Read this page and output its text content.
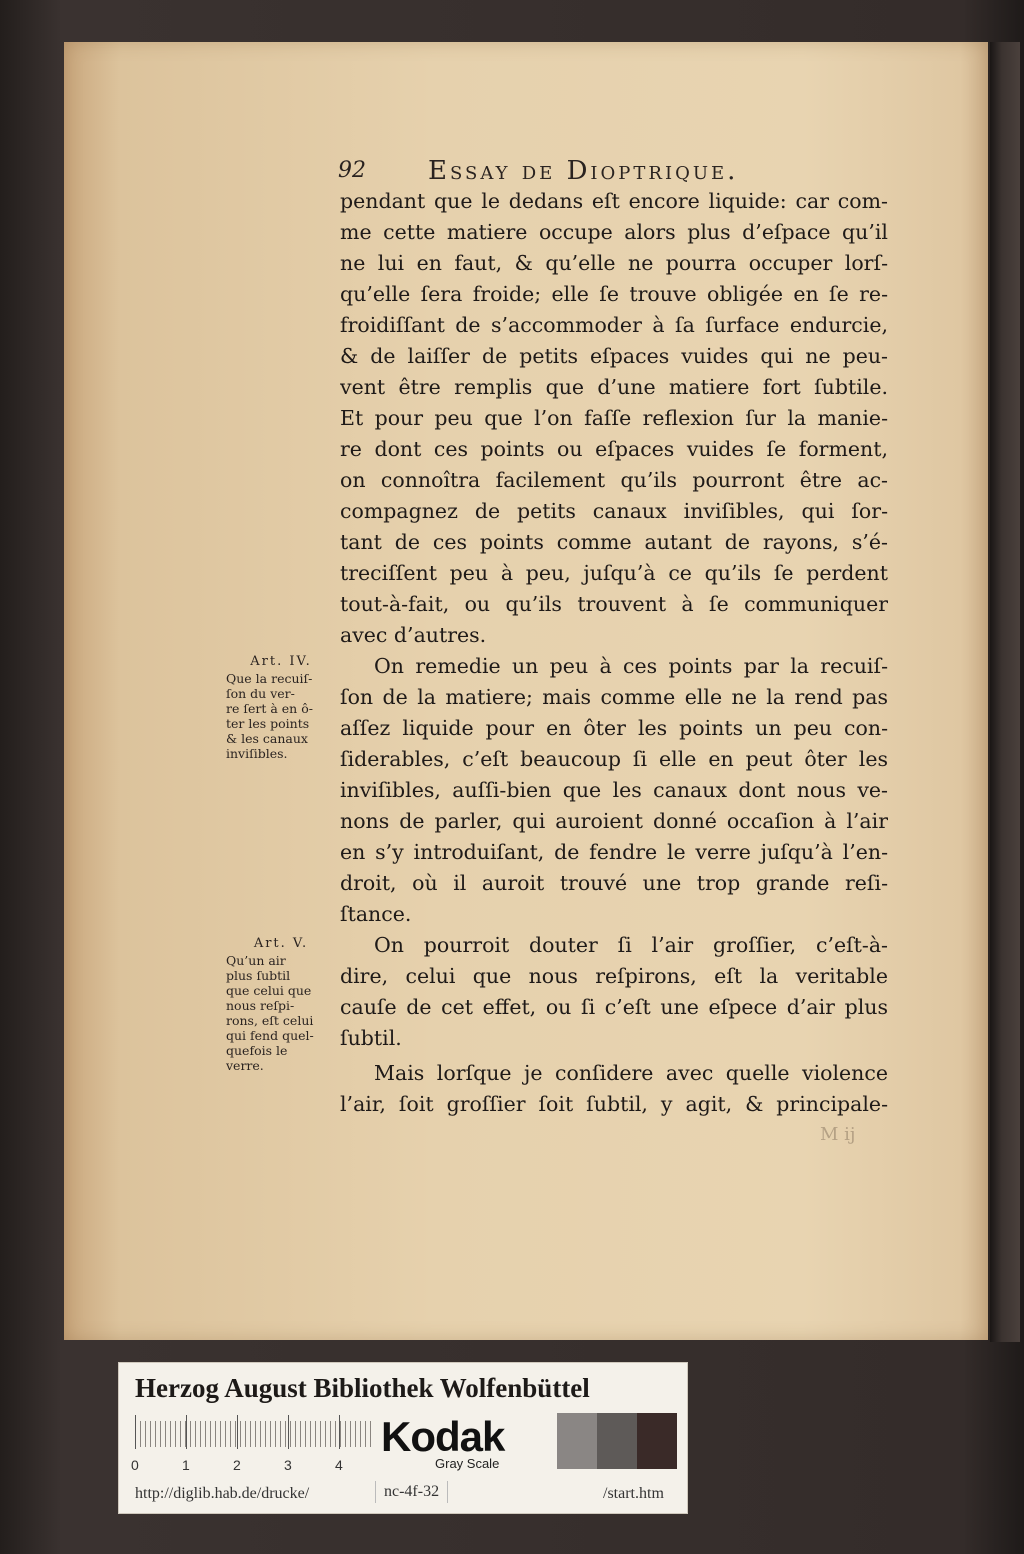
92 Essay de Dioptrique.
pendant que le dedans eſt encore liquide: car com-
me cette matiere occupe alors plus d’eſpace qu’il
ne lui en faut, & qu’elle ne pourra occuper lorſ-
qu’elle ſera froide; elle ſe trouve obligée en ſe re-
froidiſſant de s’accommoder à ſa ſurface endurcie,
& de laiſſer de petits eſpaces vuides qui ne peu-
vent être remplis que d’une matiere fort ſubtile.
Et pour peu que l’on faſſe reflexion ſur la manie-
re dont ces points ou eſpaces vuides ſe forment,
on connoîtra facilement qu’ils pourront être ac-
compagnez de petits canaux inviſibles, qui ſor-
tant de ces points comme autant de rayons, s’é-
treciſſent peu à peu, juſqu’à ce qu’ils ſe perdent
tout-à-fait, ou qu’ils trouvent à ſe communiquer
avec d’autres.
On remedie un peu à ces points par la recuiſ-
ſon de la matiere; mais comme elle ne la rend pas
aſſez liquide pour en ôter les points un peu con-
ſiderables, c’eſt beaucoup ſi elle en peut ôter les
inviſibles, auſſi-bien que les canaux dont nous ve-
nons de parler, qui auroient donné occaſion à l’air
en s’y introduiſant, de fendre le verre juſqu’à l’en-
droit, où il auroit trouvé une trop grande reſi-
ſtance.
On pourroit douter ſi l’air groſſier, c’eſt-à-
dire, celui que nous reſpirons, eſt la veritable
cauſe de cet effet, ou ſi c’eſt une eſpece d’air plus
ſubtil.
Mais lorſque je conſidere avec quelle violence
l’air, ſoit groſſier ſoit ſubtil, y agit, & principale-
Art. IV.
Que la recuiſ-
ſon du ver-
re ſert à en ô-
ter les points
& les canaux
inviſibles.
Art. V.
Qu’un air
plus ſubtil
que celui que
nous reſpi-
rons, eſt celui
qui fend quel-
quefois le
verre.
M ij
Herzog August Bibliothek Wolfenbüttel
0	1	2	3	4
Kodak
Gray Scale
http://diglib.hab.de/drucke/	nc-4f-32	/start.htm
